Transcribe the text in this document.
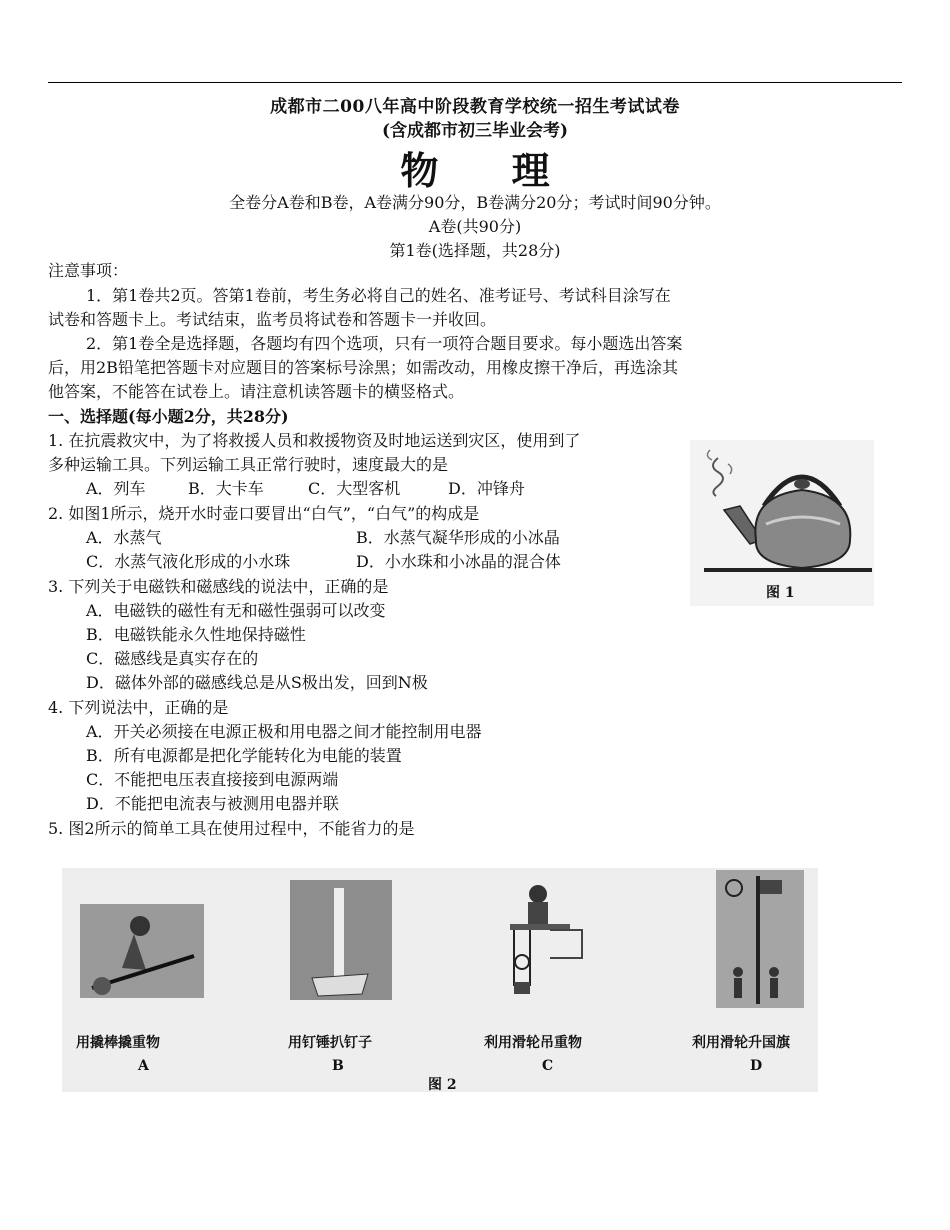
成都市二00八年高中阶段教育学校统一招生考试试卷
(含成都市初三毕业会考)
物 理
全卷分A卷和B卷，A卷满分90分，B卷满分20分；考试时间90分钟。
A卷(共90分)
第1卷(选择题，共28分)
注意事项：
1．第1卷共2页。答第1卷前，考生务必将自己的姓名、准考证号、考试科目涂写在
试卷和答题卡上。考试结束，监考员将试卷和答题卡一并收回。
2．第1卷全是选择题，各题均有四个选项，只有一项符合题目要求。每小题选出答案
后，用2B铅笔把答题卡对应题目的答案标号涂黑；如需改动，用橡皮擦干净后，再选涂其
他答案，不能答在试卷上。请注意机读答题卡的横竖格式。
一、选择题(每小题2分，共28分)
1. 在抗震救灾中，为了将救援人员和救援物资及时地运送到灾区，使用到了
多种运输工具。下列运输工具正常行驶时，速度最大的是
A．列车	B．大卡车	C．大型客机	D．冲锋舟
2. 如图1所示，烧开水时壶口要冒出“白气”，“白气”的构成是
A．水蒸气	B．水蒸气凝华形成的小冰晶
C．水蒸气液化形成的小水珠	D．小水珠和小冰晶的混合体
3. 下列关于电磁铁和磁感线的说法中，正确的是
A．电磁铁的磁性有无和磁性强弱可以改变
B．电磁铁能永久性地保持磁性
C．磁感线是真实存在的
D．磁体外部的磁感线总是从S极出发，回到N极
4. 下列说法中，正确的是
A．开关必须接在电源正极和用电器之间才能控制用电器
B．所有电源都是把化学能转化为电能的装置
C．不能把电压表直接接到电源两端
D．不能把电流表与被测用电器并联
5. 图2所示的简单工具在使用过程中，不能省力的是
图 1
用撬棒撬重物
A
用钉锤扒钉子
B
利用滑轮吊重物
C
利用滑轮升国旗
D
图 2
